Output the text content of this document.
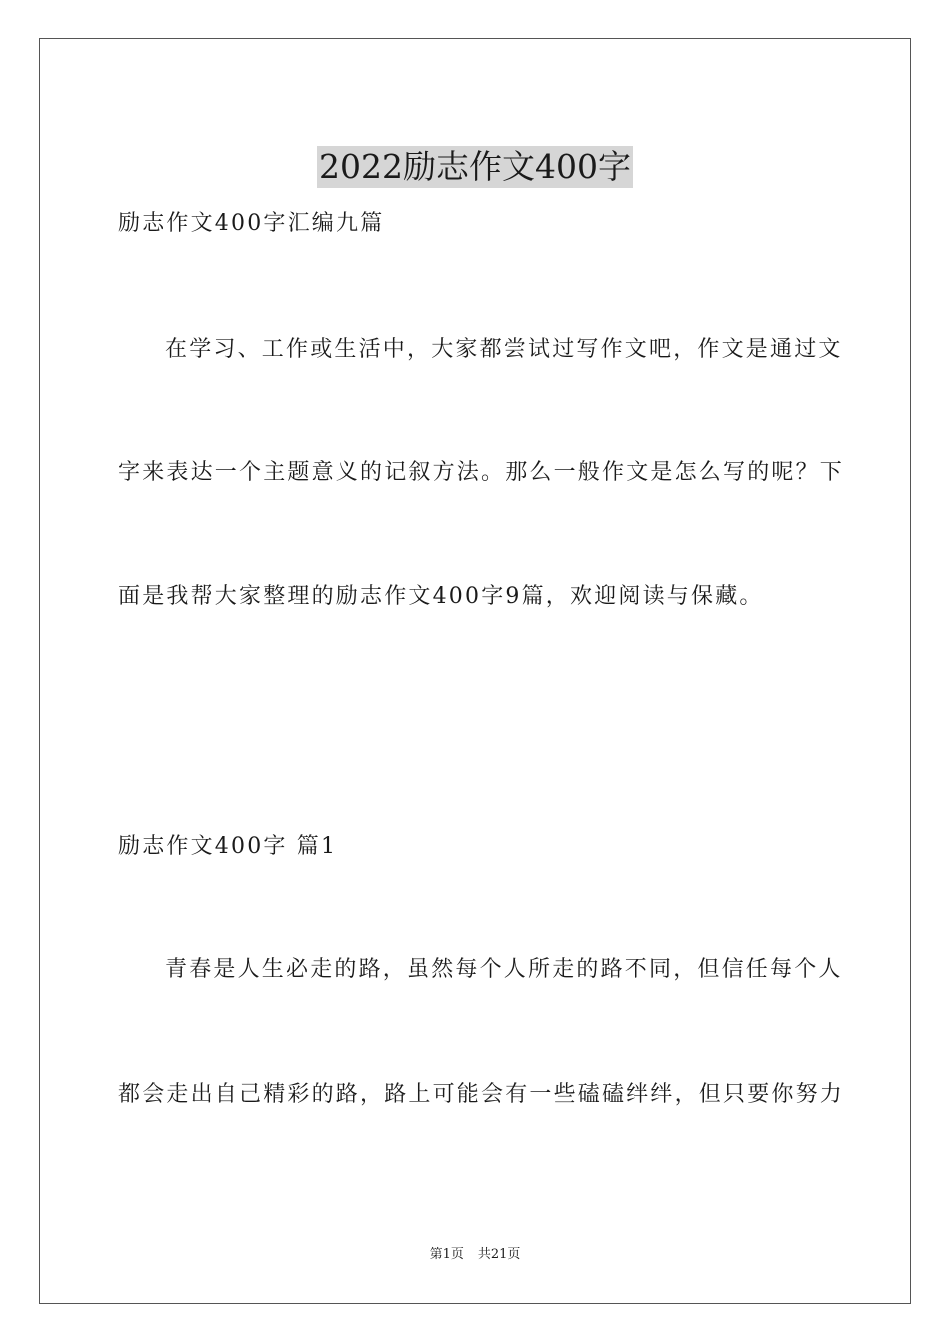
2022励志作文400字
励志作文400字汇编九篇
在学习、工作或生活中，大家都尝试过写作文吧，作文是通过文
字来表达一个主题意义的记叙方法。那么一般作文是怎么写的呢？下
面是我帮大家整理的励志作文400字9篇，欢迎阅读与保藏。
励志作文400字 篇1
青春是人生必走的路，虽然每个人所走的路不同，但信任每个人
都会走出自己精彩的路，路上可能会有一些磕磕绊绊，但只要你努力
第1页 共21页
